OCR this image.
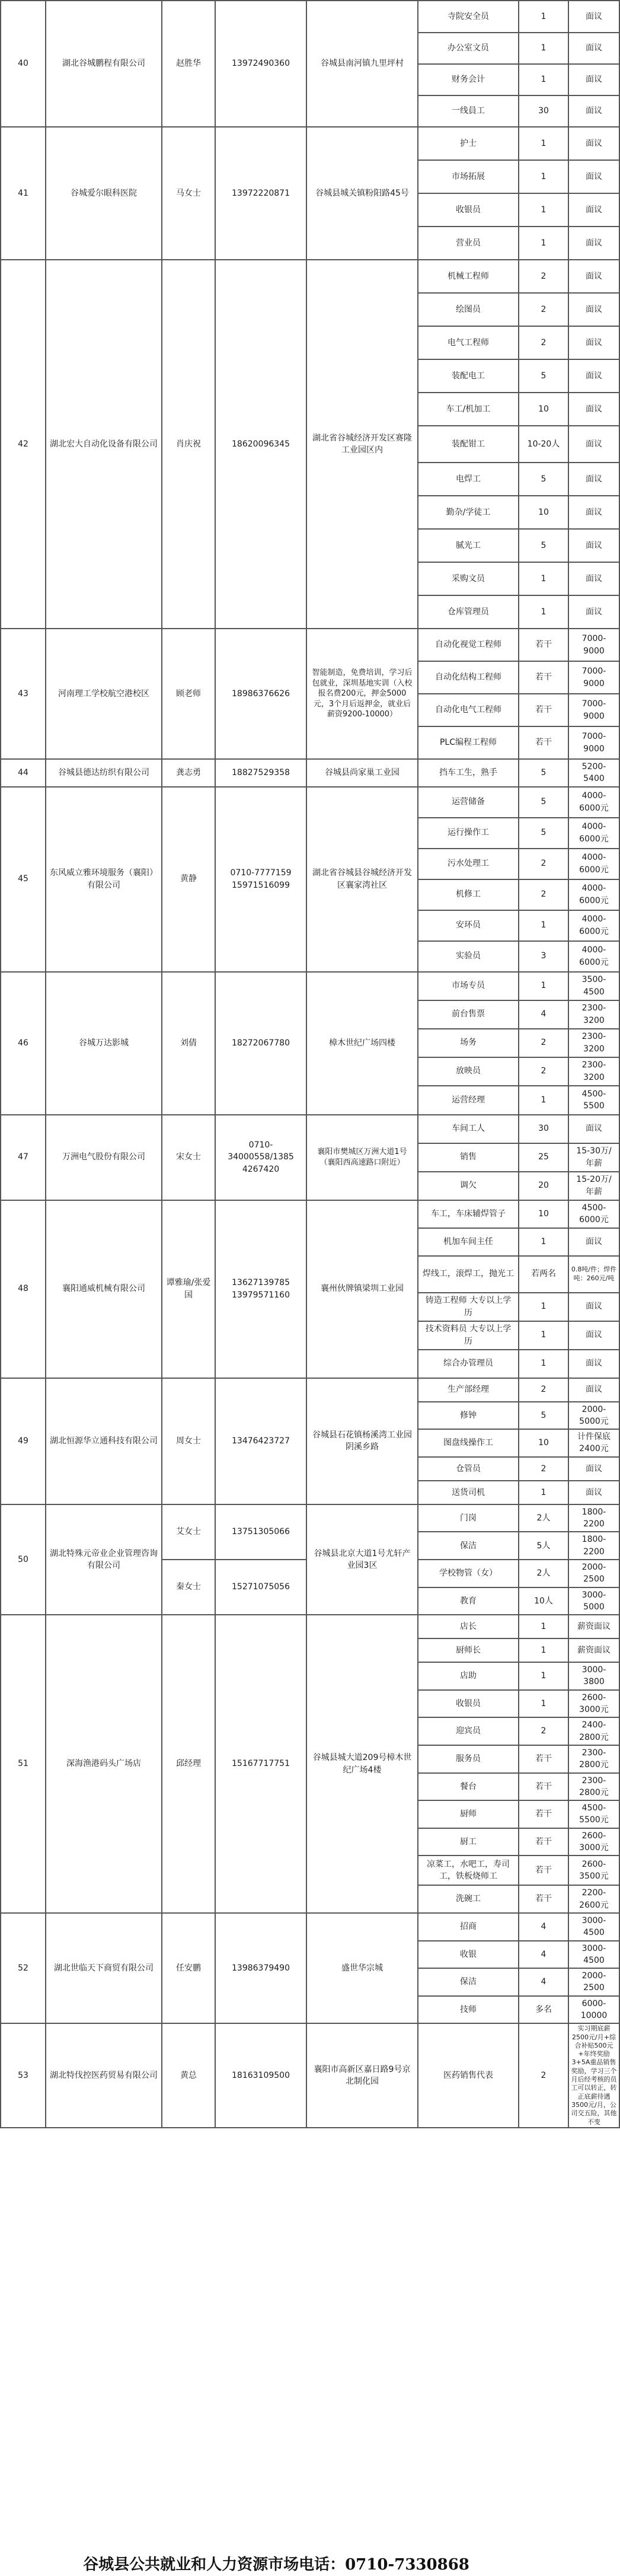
40	湖北谷城鹏程有限公司	赵胜华	13972490360	谷城县南河镇九里坪村	寺院安全员	1	面议
					办公室文员	1	面议
					财务会计	1	面议
					一线員工	30	面议
41	谷城爱尔眼科医院	马女士	13972220871	谷城县城关镇粉阳路45号	护士	1	面议
					市场拓展	1	面议
					收银员	1	面议
					营业员	1	面议
42	湖北宏大自动化设备有限公司	肖庆祝	18620096345	湖北省谷城经济开发区赛隆工业园区内	机械工程师	2	面议
					绘图员	2	面议
					电气工程师	2	面议
					装配电工	5	面议
					车工/机加工	10	面议
					装配钳工	10-20人	面议
					电焊工	5	面议
					勤杂/学徒工	10	面议
					腻光工	5	面议
					采购文员	1	面议
					仓库管理员	1	面议
43	河南理工学校航空港校区	顾老师	18986376626	智能制造，免费培训，学习后包就业，深圳基地实训（入校报名费200元，押金5000元，3个月后返押金，就业后薪资9200-10000）	自动化视觉工程师	若干	7000-9000
					自动化结构工程师	若干	7000-9000
					自动化电气工程师	若干	7000-9000
					PLC编程工程师	若干	7000-9000
44	谷城县德达纺织有限公司	龚志勇	18827529358	谷城县尚家巢工业园	挡车工生，熟手	5	5200-5400
45	东风威立雅环境服务（襄阳）有限公司	黄静	0710-7777159 15971516099	湖北省谷城县谷城经济开发区襄家湾社区	运营储备	5	4000-6000元
					运行操作工	5	4000-6000元
					污水处理工	2	4000-6000元
					机修工	2	4000-6000元
					安环员	1	4000-6000元
					实验员	3	4000-6000元
46	谷城万达影城	刘倩	18272067780	樟木世纪广场四楼	市场专员	1	3500-4500
					前台售票	4	2300-3200
					场务	2	2300-3200
					放映员	2	2300-3200
					运营经理	1	4500-5500
47	万洲电气股份有限公司	宋女士	0710-34000558/1385 4267420	襄阳市樊城区万洲大道1号（襄阳西高速路口附近）	车间工人	30	面议
					销售	25	15-30万/年薪
					调欠	20	15-20万/年薪
48	襄阳通威机械有限公司	谭雅瑜/张爱国	13627139785 13979571160	襄州伙牌镇梁圳工业园	车工，车床辅焊管子	10	4500-6000元
					机加车间主任	1	面议
					焊线工，滚焊工，抛光工	若两名	0.8吨/件；焊件吨：260元/吨
					铸造工程师 大专以上学历	1	面议
					技术资料员 大专以上学历	1	面议
					综合办管理员	1	面议
49	湖北恒源华立通科技有限公司	周女士	13476423727	谷城县石花镇杨溪湾工业园阴溪乡路	生产部经理	2	面议
					修钟	5	2000-5000元
					图盘线操作工	10	计件保底2400元
					仓管员	2	面议
					送货司机	1	面议
50	湖北特殊元帝业企业管理咨询有限公司	艾女士	13751305066	谷城县北京大道1号尤轩产业园3区	门岗	2人	1800-2200
					保洁	5人	1800-2200
		秦女士	15271075056		学校物管（女）	2人	2000-2500
					教育	10人	3000-5000
51	深海渔港码头广场店	邱经理	15167717751	谷城县城大道209号樟木世纪广场4楼	店长	1	薪资面议
					厨师长	1	薪资面议
					店助	1	3000-3800
					收银员	1	2600-3000元
					迎宾员	2	2400-2800元
					服务员	若干	2300-2800元
					餐台	若干	2300-2800元
					厨师	若干	4500-5500元
					厨工	若干	2600-3000元
					凉菜工，水吧工，寿司工，铁板烧师工	若干	2600-3500元
					洗碗工	若干	2200-2600元
52	湖北世临天下商贸有限公司	任安鹏	13986379490	盛世华宗城	招商	4	3000-4500
					收银	4	3000-4500
					保洁	4	2000-2500
					技师	多名	6000-10000
53	湖北特伐控医药贸易有限公司	黄总	18163109500	襄阳市高新区嘉日路9号京北制化园	医药销售代表	2	实习期底薪2500元/月+综合补贴500元+年终奖励3+5A重品销售奖励，学习三个月后经考核的员工可以转正，转正底薪待遇3500元/月，公司交五险，其他不变
谷城县公共就业和人力资源市场电话：0710-7330868
